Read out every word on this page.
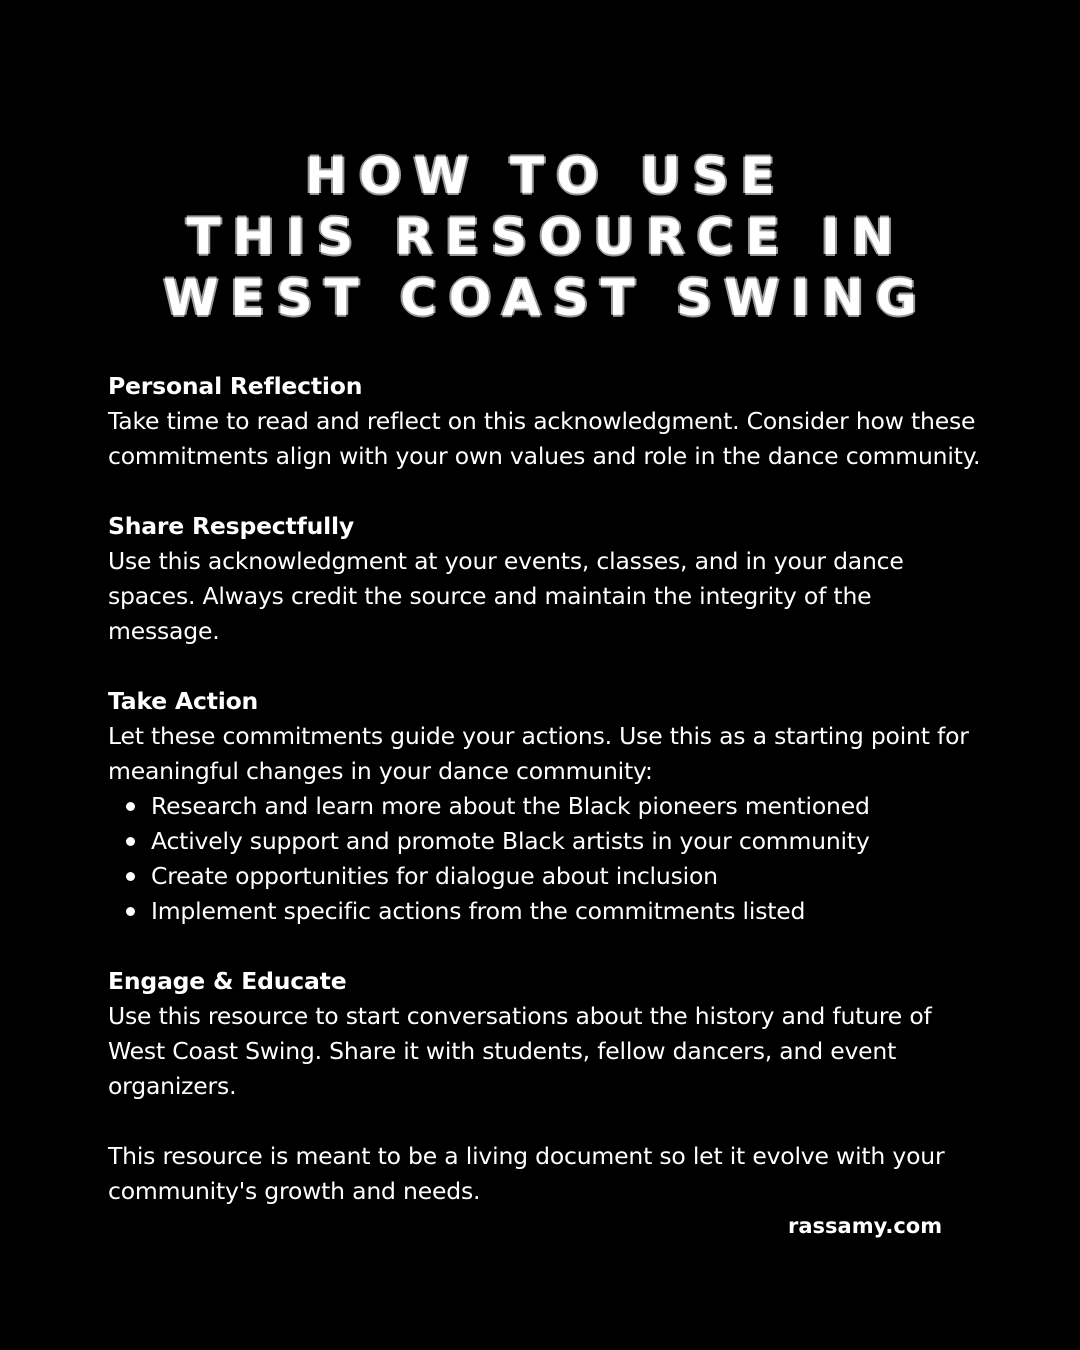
HOW TO USE
THIS RESOURCE IN
WEST COAST SWING
Personal Reflection
Take time to read and reflect on this acknowledgment. Consider how these commitments align with your own values and role in the dance community.
Share Respectfully
Use this acknowledgment at your events, classes, and in your dance spaces. Always credit the source and maintain the integrity of the message.
Take Action
Let these commitments guide your actions. Use this as a starting point for meaningful changes in your dance community:
Research and learn more about the Black pioneers mentioned
Actively support and promote Black artists in your community
Create opportunities for dialogue about inclusion
Implement specific actions from the commitments listed
Engage & Educate
Use this resource to start conversations about the history and future of West Coast Swing. Share it with students, fellow dancers, and event organizers.
This resource is meant to be a living document so let it evolve with your community's growth and needs.
rassamy.com
